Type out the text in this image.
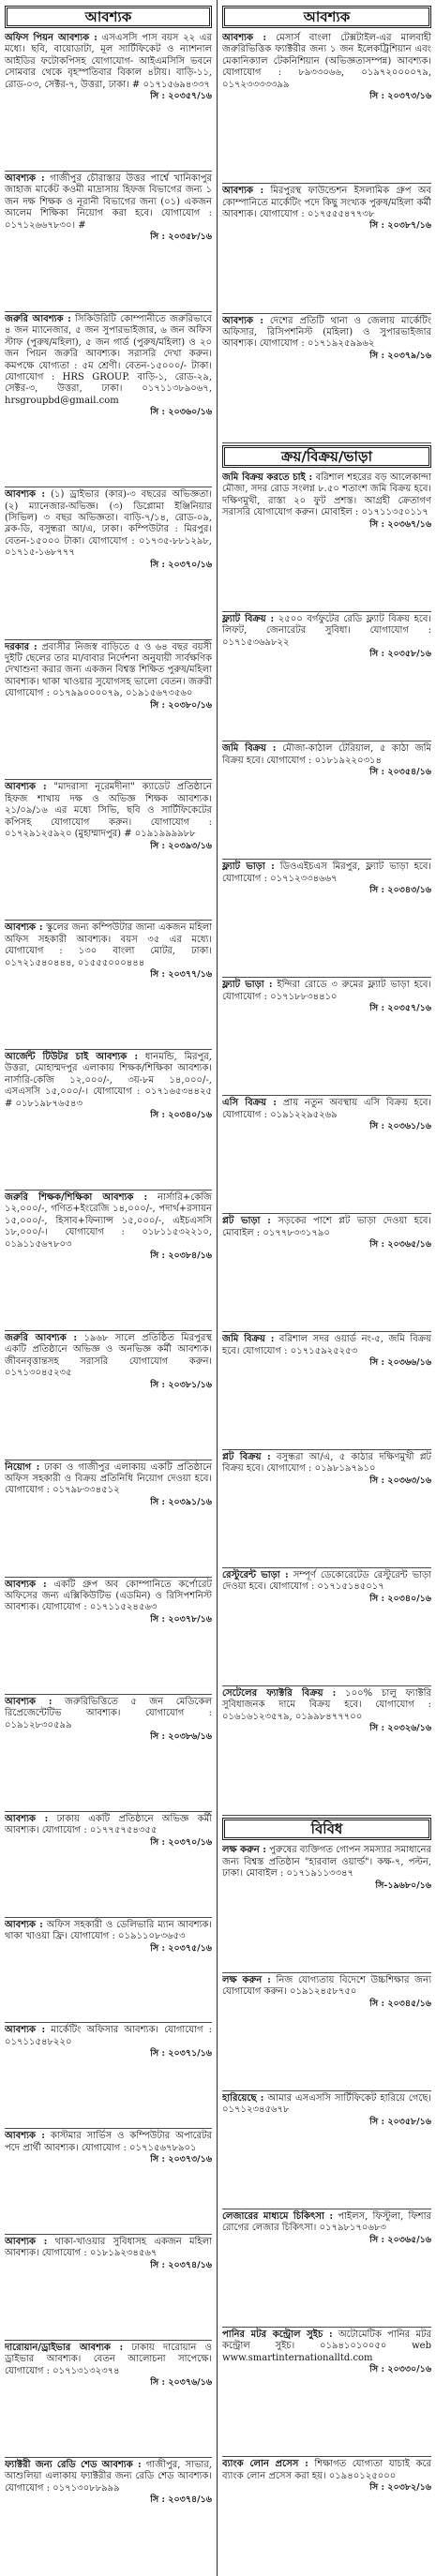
আবশ্যক
অফিস পিয়ন আবশ্যক : এসএসসি পাস বয়স ২২ এর মধ্যে। ছবি, বায়োডাটা, মূল সার্টিফিকেট ও ন্যাশনাল আইডির ফটোকপিসহ যোগাযোগ- আইএমসিসি ভবনে সোমবার থেকে বৃহস্পতিবার বিকাল ৪টায়। বাড়ি-১১, রোড-০৩, সেক্টর-৭, উত্তরা, ঢাকা। # ০১৭১৫৬৯৪৩৩৭
সি : ২০৩৫৭/১৬
আবশ্যক : গাজীপুর চৌরাস্তার উত্তর পার্শ্বে খানিকাপুর জাহাজ মার্কেট কওমী মাদ্রাসায় হিফজ বিভাগের জন্য ১ জন দক্ষ শিক্ষক ও নূরানী বিভাগের জন্য (০১) একজন আলেম শিক্ষিকা নিয়োগ করা হবে। যোগাযোগ : ০১৭১২৬৬৭৮৩০। #
সি : ২০৩৫৮/১৬
জরুরি আবশ্যক : সিকিউরিটি কোম্পানীতে জরুরিভাবে ৪ জন ম্যানেজার, ৫ জন সুপারভাইজার, ৬ জন অফিস স্টাফ (পুরুষ/মহিলা), ৫ জন গার্ড (পুরুষ/মহিলা) ও ২০ জন পিয়ন জরুরি আবশ্যক। সরাসরি দেখা করুন। কমপক্ষে যোগ্যতা : ৫ম শ্রেণী। বেতন-১৫০০০/- টাকা। যোগাযোগ : HRS GROUP. বাড়ি-১, রোড-২৯, সেক্টর-৩, উত্তরা, ঢাকা। ০১৭১১৩৮৯০৬৭, hrsgroupbd@gmail.com
সি : ২০৩৬০/১৬
আবশ্যক : (১) ড্রাইভার (কার)-৩ বছরের অভিজ্ঞতা। (২) ম্যানেজার-অভিজ্ঞ। (৩) ডিপ্লোমা ইঞ্জিনিয়ার (সিভিল) ৩ বছর অভিজ্ঞতা। বাড়ি-৭/১৪, রোড-০৯, ব্লক-ডি, বসুন্ধরা আ/এ, ঢাকা। কম্পিউটার : মিরপুর। বেতন-১৫০০০ টাকা। যোগাযোগ : ০১৭৩৫-৮৮১২৯৮, ০১৭১৫-১৬৮৭৭৭
সি : ২০৩৭০/১৬
দরকার : প্রবাসীর নিজস্ব বাড়িতে ৫ ও ৬৪ বছর বয়সী দুইটি ছেলের তার মা/বাবার নির্দেশনা অনুযায়ী সার্বক্ষণিক দেখাশুনা করার জন্য একজন বিশ্বস্ত শিক্ষিত পুরুষ/মহিলা আবশ্যক। থাকা খাওয়ার সুযোগসহ ভালো বেতন। জরুরী যোগাযোগ : ০১৭৯৯০০০০৭৯, ০১৯১৫৬৭৩৫৬০
সি : ২০৩৮০/১৬
আবশ্যক : "মাদরাসা নূরেমদীনা" ক্যাডেট প্রতিষ্ঠানে হিফজ শাখায় দক্ষ ও অভিজ্ঞ শিক্ষক আবশ্যক। ২১/০৯/১৬ এর মধ্যে সিভি, ছবি ও সার্টিফিকেটের কপিসহ যোগাযোগ করুন। যোগাযোগ : ০১৭২৯১২৫৯২০ (মুহাম্মাদপুর) # ০১৯১৯৯৯৯৮৮
সি : ২০৩৯৩/১৬
আবশ্যক : স্কুলের জন্য কম্পিউটার জানা একজন মহিলা অফিস সহকারী আবশ্যক। বয়স ৩৫ এর মধ্যে। যোগাযোগ : ১৩০ বাংলা মোটর, ঢাকা। ০১৭২১৫৪০৪৪৪, ০১৫৫৫০০০৪৪৪
সি : ২০৩৭৭/১৬
আর্জেন্ট টিউটর চাই আবশ্যক : ধানমন্ডি, মিরপুর, উত্তরা, মোহাম্মদপুর এলাকায় শিক্ষক/শিক্ষিকা আবশ্যক। নার্সারি-কেজি ১২,০০০/-, ৩য়-৮ম ১৪,০০০/-, এসএসসি ১৫,০০০/-। যোগাযোগ : ০১৭১৬৫৩৪৪২৫ # ০১৮১৯৮৭৬৫৪৩
সি : ২০৩৪০/১৬
জরুরি শিক্ষক/শিক্ষিকা আবশ্যক : নার্সারি+কেজি ১২,০০০/-, গণিত+ইংরেজি ১৪,০০০/-, পদার্থ+রসায়ন ১৫,০০০/-, হিসাব+ফিন্যান্স ১৫,০০০/-, এইচএসসি ১৮,০০০/-। যোগাযোগ : ০১৮১১৫৩২২১০, ০১৯১১৫৬৭৮০৩
সি : ২০৩৮৪/১৬
জরুরি আবশ্যক : ১৯৬৮ সালে প্রতিষ্ঠিত মিরপুরস্থ একটি প্রতিষ্ঠানে অভিজ্ঞ ও অনভিজ্ঞ কর্মী আবশ্যক। জীবনবৃত্তান্তসহ সরাসরি যোগাযোগ করুন। ০১৭১৩০৪৫২৩৫
সি : ২০৩৮১/১৬
নিয়োগ : ঢাকা ও গাজীপুর এলাকায় একটি প্রতিষ্ঠানে অফিস সহকারী ও বিক্রয় প্রতিনিধি নিয়োগ দেওয়া হবে। যোগাযোগ : ০১৭৯৮৩৩৪৫১২
সি : ২০৩৯১/১৬
আবশ্যক : একটি গ্রুপ অব কোম্পানিতে কর্পোরেট অফিসের জন্য এক্সিকিউটিভ (এডমিন) ও রিসিপশনিস্ট আবশ্যক। যোগাযোগ : ০১৭১১৫২৪৫৬৩
সি : ২০৩৭৮/১৬
আবশ্যক : জরুরিভিত্তিতে ৫ জন মেডিকেল রিপ্রেজেন্টেটিভ আবশ্যক। যোগাযোগ : ০১৯১২৮৩০৫৯৯
সি : ২০৩৮৬/১৬
আবশ্যক : ঢাকায় একটি প্রতিষ্ঠানে অভিজ্ঞ কর্মী আবশ্যক। যোগাযোগ : ০১৭৭৫৭৫৪৩৫৫
সি : ২০৩৭০/১৬
আবশ্যক : অফিস সহকারী ও ডেলিভারি ম্যান আবশ্যক। থাকা খাওয়া ফ্রি। যোগাযোগ : ০১৯১১০৮৩৬৫৩
সি : ২০৩৭৫/১৬
আবশ্যক : মার্কেটিং অফিসার আবশ্যক। যোগাযোগ : ০১৭১১৫৪৮২২০
সি : ২০৩৭১/১৬
আবশ্যক : কাস্টমার সার্ভিস ও কম্পিউটার অপারেটর পদে প্রার্থী আবশ্যক। যোগাযোগ : ০১৭১৫৬৭৮৯০১
সি : ২০৩৭৩/১৬
আবশ্যক : থাকা-খাওয়ার সুবিধাসহ একজন মহিলা আবশ্যক। যোগাযোগ : ০১৮১৯২৩৪৫৬৭
সি : ২০৩৭৪/১৬
দারোয়ান/ড্রাইভার আবশ্যক : ঢাকায় দারোয়ান ও ড্রাইভার আবশ্যক। বেতন আলোচনা সাপেক্ষে। যোগাযোগ : ০১৭১৩১৩২৩৭৪
সি : ২০৩৭৬/১৬
ফ্যাক্টরী জন্য রেডি শেড আবশ্যক : গাজীপুর, সাভার, আশুলিয়া এলাকায় ফ্যাক্টরীর জন্য রেডি শেড আবশ্যক। যোগাযোগ : ০১৭১৩০৮৮৯৯৯
সি : ২০৩৭৪/১৬
আবশ্যক
আবশ্যক : মেসার্স বাংলা টেক্সটাইল-এর মালবাহী জরুরিভিত্তিক ফ্যাক্টরীর জন্য ১ জন ইলেকট্রিশিয়ান এবং মেকানিক্যাল টেকনিশিয়ান (অভিজ্ঞতাসম্পন্ন) আবশ্যক। যোগাযোগ : ৮৯৩৩০৬৬, ০১৯৭২০০০০৭৯, ০১৭২৩৩৩৩৩৯৯
সি : ২০৩৭৩/১৬
আবশ্যক : মিরপুরস্থ ফাউন্ডেশন ইসলামিক গ্রুপ অব কোম্পানিতে মার্কেটিং পদে কিছু সংখ্যক পুরুষ/মহিলা কর্মী আবশ্যক। যোগাযোগ : ০১৭৫৫৫৪৭৭৩৮
সি : ২০৩৮৭/১৬
আবশ্যক : দেশের প্রতিটি থানা ও জেলায় মার্কেটিং অফিসার, রিসিপশনিস্ট (মহিলা) ও সুপারভাইজার আবশ্যক। যোগাযোগ : ০১৭১৯২৫৯৯৬২
সি : ২০৩৭৯/১৬
ক্রয়/বিক্রয়/ভাড়া
জমি বিক্রয় করতে চাই : বরিশাল শহরের বড় আলেকান্দা মৌজা, সদর রোড সংলগ্ন ৮.৫০ শতাংশ জমি বিক্রয় হবে। দক্ষিণমুখী, রাস্তা ২০ ফুট প্রশস্ত। আগ্রহী ক্রেতাগণ সরাসরি যোগাযোগ করুন। মোবাইল : ০১৭১১৩৫০১১৭
সি : ২০৩৬৭/১৬
ফ্ল্যাট বিক্রয় : ২৫০০ বর্গফুটের রেডি ফ্ল্যাট বিক্রয় হবে। লিফট, জেনারেটর সুবিধা। যোগাযোগ : ০১৭১৫৩৬৯৮২২
সি : ২০৩৫৮/১৬
জমি বিক্রয় : মৌজা-কাঠাল টেরিয়াল, ৫ কাঠা জমি বিক্রয় হবে। যোগাযোগ : ০১৮১৯২২০৩১৪
সি : ২০৩৫৪/১৬
ফ্ল্যাট ভাড়া : ডিওএইচএস মিরপুর, ফ্ল্যাট ভাড়া হবে। যোগাযোগ : ০১৭১২৩৩৪৬৬৭
সি : ২০৩৪৩/১৬
ফ্ল্যাট ভাড়া : ইন্দিরা রোডে ৩ রুমের ফ্ল্যাট ভাড়া হবে। যোগাযোগ : ০১৭১৮৮৩৪৪১০
সি : ২০৩৫৭/১৬
এসি বিক্রয় : প্রায় নতুন অবস্থায় এসি বিক্রয় হবে। যোগাযোগ : ০১৯১২২৯৫২৬৯
সি : ২০৩৬১/১৬
প্লট ভাড়া : সড়কের পাশে প্লট ভাড়া দেওয়া হবে। মোবাইল : ০১৭৭৮৩৩১৭৯০
সি : ২০৩৬৫/১৬
জমি বিক্রয় : বরিশাল সদর ওয়ার্ড নং-৫, জমি বিক্রয় হবে। যোগাযোগ : ০১৭১৫৯২৫২৫৩
সি : ২০৩৬৬/১৬
প্লট বিক্রয় : বসুন্ধরা আ/এ, ৫ কাঠার দক্ষিণমুখী প্লট বিক্রয় হবে। যোগাযোগ : ০১৯৮১৯৭৯১০
সি : ২০৩৬৩/১৬
রেস্টুরেন্ট ভাড়া : সম্পূর্ণ ডেকোরেটেড রেস্টুরেন্ট ভাড়া দেওয়া হবে। যোগাযোগ : ০১৭১৫১৪৫০১৭
সি : ২০৩৪০/১৬
সেটেলের ফ্যাক্টরি বিক্রয় : ১০০% চালু ফ্যাক্টরি সুবিধাজনক দামে বিক্রয় হবে। যোগাযোগ : ০১৬১৬১২৩৫৭৯, ০১৯৯৮৪৭৭৭০০
সি : ২০৩২৬/১৬
বিবিধ
লক্ষ করুন : পুরুষের ব্যক্তিগত গোপন সমস্যার সমাধানের জন্য বিশ্বস্ত প্রতিষ্ঠান "হারবাল ওয়ার্ল্ড"। কক্ষ-৭, পল্টন, ঢাকা। মোবাইল : ০১৭১৯১১৩৩৪৭
সি-১৯৬৮০/১৬
লক্ষ করুন : নিজ যোগ্যতায় বিদেশে উচ্চশিক্ষার জন্য যোগাযোগ করুন। ০১৯১২৪৫৮৭৫০
সি : ২০৩৪৫/১৬
হারিয়েছে : আমার এসএসসি সার্টিফিকেট হারিয়ে গেছে। ০১৭১২৩৪৫৬৭৮
সি : ২০৩৫৮/১৬
লেজারের মাধ্যমে চিকিৎসা : পাইলস, ফিস্টুলা, ফিশার রোগের লেজার চিকিৎসা। ০১৭৯৮১৭০৬৮৩
সি : ২০৩৬৫/১৬
পানির মটর কন্ট্রোল সুইচ : অটোমেটিক পানির মটর কন্ট্রোল সুইচ। ০১৯৪১০১০০৫০ web www.smartinternationalltd.com
সি : ২০৩৩০/১৬
ব্যাংক লোন প্রসেস : শিক্ষাগত যোগ্যতা যাচাই করে ব্যাংক লোন প্রসেস করা হয়। ০১৯৪০১২৫০০০
সি : ২০৩৮২/১৬
